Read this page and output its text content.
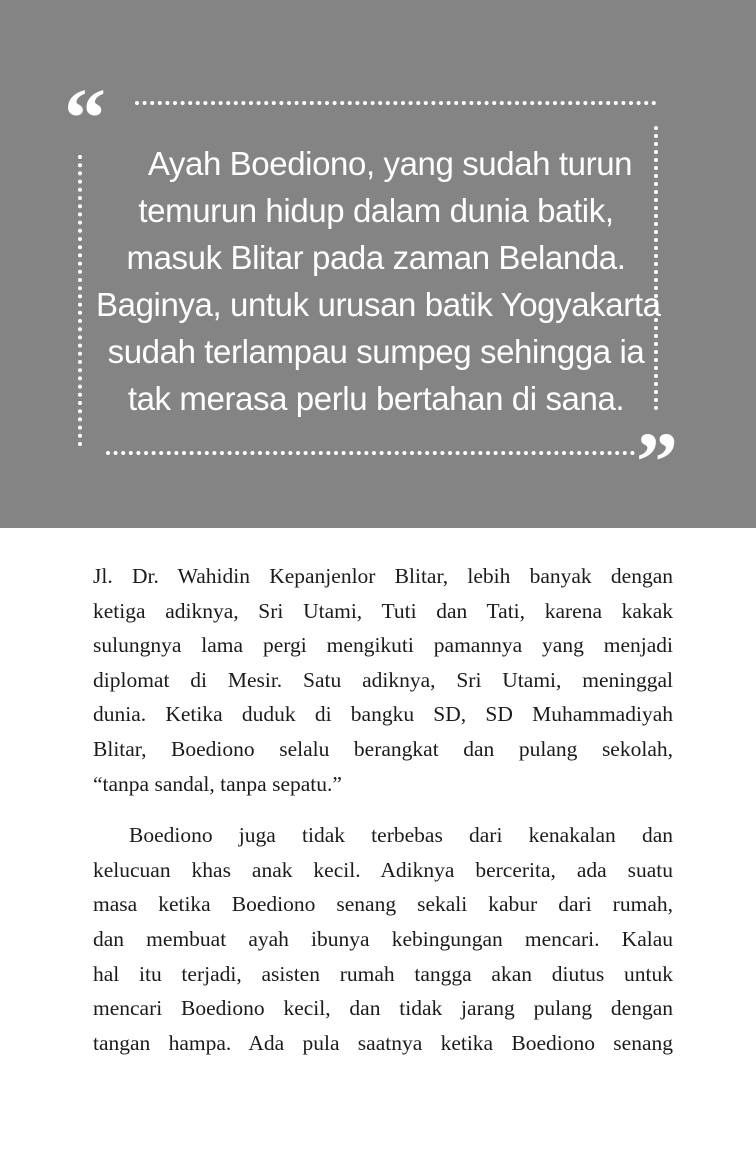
“
”

Ayah Boediono, yang sudah turun
temurun hidup dalam dunia batik,
masuk Blitar pada zaman Belanda.
Baginya, untuk urusan batik Yogyakarta
sudah terlampau sumpeg sehingga ia
tak merasa perlu bertahan di sana.

Jl. Dr. Wahidin Kepanjenlor Blitar, lebih banyak dengan
ketiga adiknya, Sri Utami, Tuti dan Tati, karena kakak
sulungnya lama pergi mengikuti pamannya yang menjadi
diplomat di Mesir. Satu adiknya, Sri Utami, meninggal
dunia. Ketika duduk di bangku SD, SD Muhammadiyah
Blitar, Boediono selalu berangkat dan pulang sekolah,
“tanpa sandal, tanpa sepatu.”

Boediono juga tidak terbebas dari kenakalan dan
kelucuan khas anak kecil. Adiknya bercerita, ada suatu
masa ketika Boediono senang sekali kabur dari rumah,
dan membuat ayah ibunya kebingungan mencari. Kalau
hal itu terjadi, asisten rumah tangga akan diutus untuk
mencari Boediono kecil, dan tidak jarang pulang dengan
tangan hampa. Ada pula saatnya ketika Boediono senang
